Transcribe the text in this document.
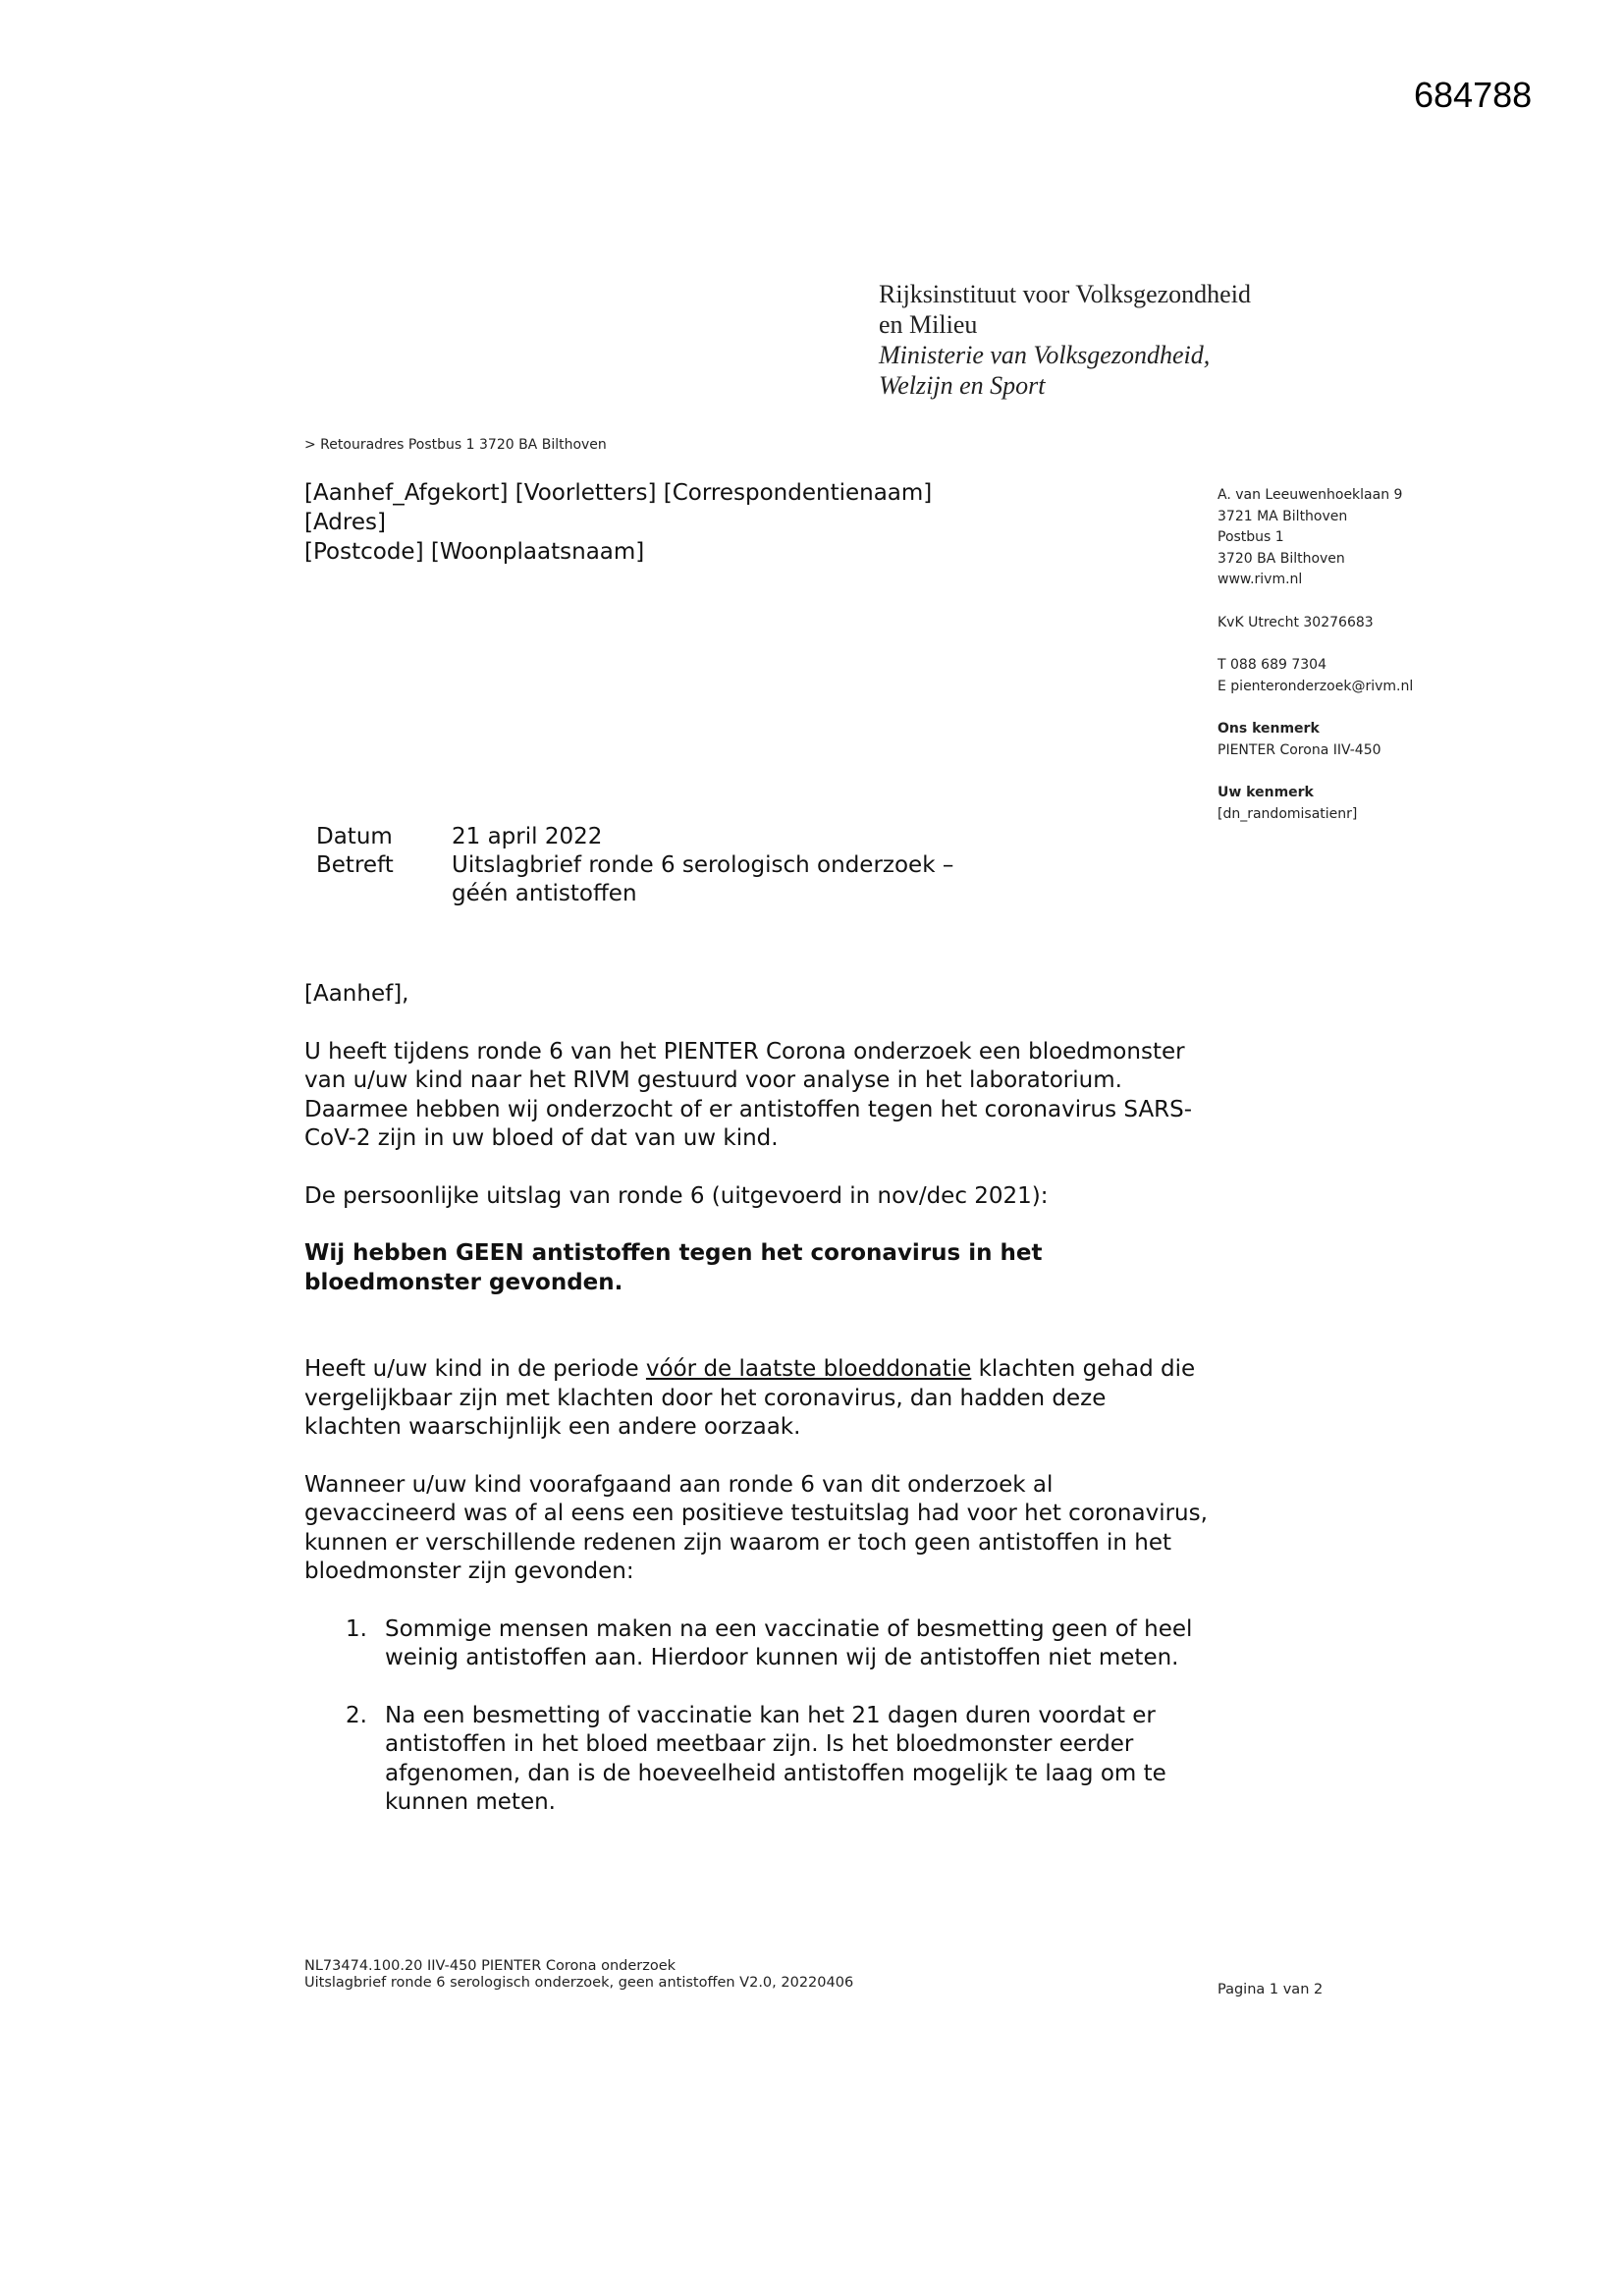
684788
Rijksinstituut voor Volksgezondheid
en Milieu
Ministerie van Volksgezondheid,
Welzijn en Sport
> Retouradres Postbus 1 3720 BA Bilthoven
[Aanhef_Afgekort] [Voorletters] [Correspondentienaam]
[Adres]
[Postcode] [Woonplaatsnaam]
A. van Leeuwenhoeklaan 9
3721 MA Bilthoven
Postbus 1
3720 BA Bilthoven
www.rivm.nl
KvK Utrecht 30276683
T 088 689 7304
E pienteronderzoek@rivm.nl
Ons kenmerk
PIENTER Corona IIV-450
Uw kenmerk
[dn_randomisatienr]
Datum	21 april 2022
Betreft	Uitslagbrief ronde 6 serologisch onderzoek –
géén antistoffen

[Aanhef],

U heeft tijdens ronde 6 van het PIENTER Corona onderzoek een bloedmonster van u/uw kind naar het RIVM gestuurd voor analyse in het laboratorium. Daarmee hebben wij onderzocht of er antistoffen tegen het coronavirus SARS-CoV-2 zijn in uw bloed of dat van uw kind.

De persoonlijke uitslag van ronde 6 (uitgevoerd in nov/dec 2021):

Wij hebben GEEN antistoffen tegen het coronavirus in het bloedmonster gevonden.

Heeft u/uw kind in de periode vóór de laatste bloeddonatie klachten gehad die vergelijkbaar zijn met klachten door het coronavirus, dan hadden deze klachten waarschijnlijk een andere oorzaak.

Wanneer u/uw kind voorafgaand aan ronde 6 van dit onderzoek al gevaccineerd was of al eens een positieve testuitslag had voor het coronavirus, kunnen er verschillende redenen zijn waarom er toch geen antistoffen in het bloedmonster zijn gevonden:

1. Sommige mensen maken na een vaccinatie of besmetting geen of heel weinig antistoffen aan. Hierdoor kunnen wij de antistoffen niet meten.
2. Na een besmetting of vaccinatie kan het 21 dagen duren voordat er antistoffen in het bloed meetbaar zijn. Is het bloedmonster eerder afgenomen, dan is de hoeveelheid antistoffen mogelijk te laag om te kunnen meten.
NL73474.100.20 IIV-450 PIENTER Corona onderzoek
Uitslagbrief ronde 6 serologisch onderzoek, geen antistoffen V2.0, 20220406	Pagina 1 van 2
